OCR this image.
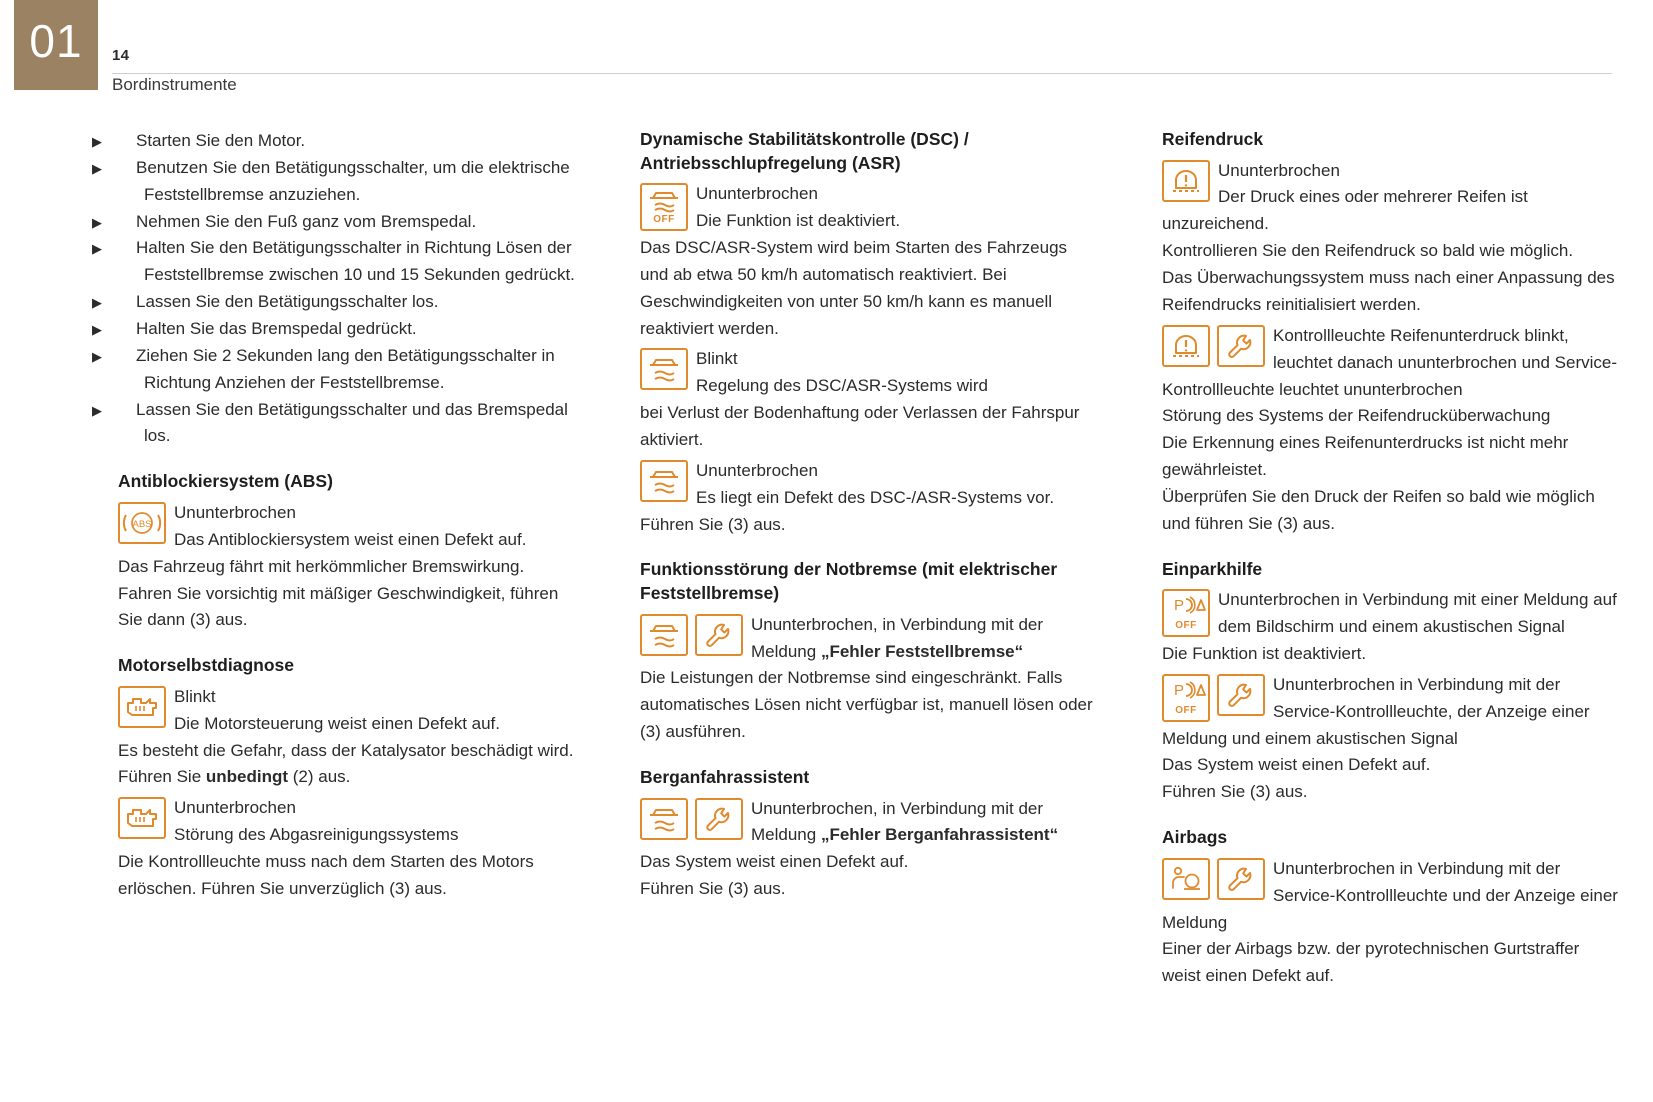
01	14
Bordinstrumente

▶ Starten Sie den Motor.

▶ Benutzen Sie den Betätigungsschalter, um die elektrische Feststellbremse anzuziehen.

▶ Nehmen Sie den Fuß ganz vom Bremspedal.

▶ Halten Sie den Betätigungsschalter in Richtung Lösen der Feststellbremse zwischen 10 und 15 Sekunden gedrückt.

▶ Lassen Sie den Betätigungsschalter los.

▶ Halten Sie das Bremspedal gedrückt.

▶ Ziehen Sie 2 Sekunden lang den Betätigungsschalter in Richtung Anziehen der Feststellbremse.

▶ Lassen Sie den Betätigungsschalter und das Bremspedal los.

Antiblockiersystem (ABS)
ABS
Ununterbrochen
Das Antiblockiersystem weist einen Defekt auf.
Das Fahrzeug fährt mit herkömmlicher Bremswirkung. Fahren Sie vorsichtig mit mäßiger Geschwindigkeit, führen Sie dann (3) aus.
Motorselbstdiagnose
Blinkt
Die Motorsteuerung weist einen Defekt auf.
Es besteht die Gefahr, dass der Katalysator beschädigt wird. Führen Sie unbedingt (2) aus.
Ununterbrochen
Störung des Abgasreinigungssystems
Die Kontrollleuchte muss nach dem Starten des Motors erlöschen. Führen Sie unverzüglich (3) aus.
Dynamische Stabilitätskontrolle (DSC) / Antriebsschlupfregelung (ASR)
OFF
Ununterbrochen
Die Funktion ist deaktiviert.
Das DSC/ASR-System wird beim Starten des Fahrzeugs und ab etwa 50 km/h automatisch reaktiviert. Bei Geschwindigkeiten von unter 50 km/h kann es manuell reaktiviert werden.
Blinkt
Regelung des DSC/ASR-Systems wird
bei Verlust der Bodenhaftung oder Verlassen der Fahrspur aktiviert.
Ununterbrochen
Es liegt ein Defekt des DSC-/ASR-Systems vor.
Führen Sie (3) aus.
Funktionsstörung der Notbremse (mit elektrischer Feststellbremse)
Ununterbrochen, in Verbindung mit der Meldung „Fehler Feststellbremse“
Die Leistungen der Notbremse sind eingeschränkt. Falls automatisches Lösen nicht verfügbar ist, manuell lösen oder (3) ausführen.
Berganfahrassistent
Ununterbrochen, in Verbindung mit der Meldung „Fehler Berganfahrassistent“
Das System weist einen Defekt auf.
Führen Sie (3) aus.
Reifendruck
Ununterbrochen
Der Druck eines oder mehrerer Reifen ist unzureichend.
Kontrollieren Sie den Reifendruck so bald wie möglich.
Das Überwachungssystem muss nach einer Anpassung des Reifendrucks reinitialisiert werden.
Kontrollleuchte Reifenunterdruck blinkt, leuchtet danach ununterbrochen und Service-Kontrollleuchte leuchtet ununterbrochen
Störung des Systems der Reifendrucküberwachung
Die Erkennung eines Reifenunterdrucks ist nicht mehr gewährleistet.
Überprüfen Sie den Druck der Reifen so bald wie möglich und führen Sie (3) aus.
Einparkhilfe
P
OFF
Ununterbrochen in Verbindung mit einer Meldung auf dem Bildschirm und einem akustischen Signal
Die Funktion ist deaktiviert.
P
OFF
Ununterbrochen in Verbindung mit der Service-Kontrollleuchte, der Anzeige einer Meldung und einem akustischen Signal
Das System weist einen Defekt auf.
Führen Sie (3) aus.
Airbags
Ununterbrochen in Verbindung mit der Service-Kontrollleuchte und der Anzeige einer Meldung
Einer der Airbags bzw. der pyrotechnischen Gurtstraffer weist einen Defekt auf.
